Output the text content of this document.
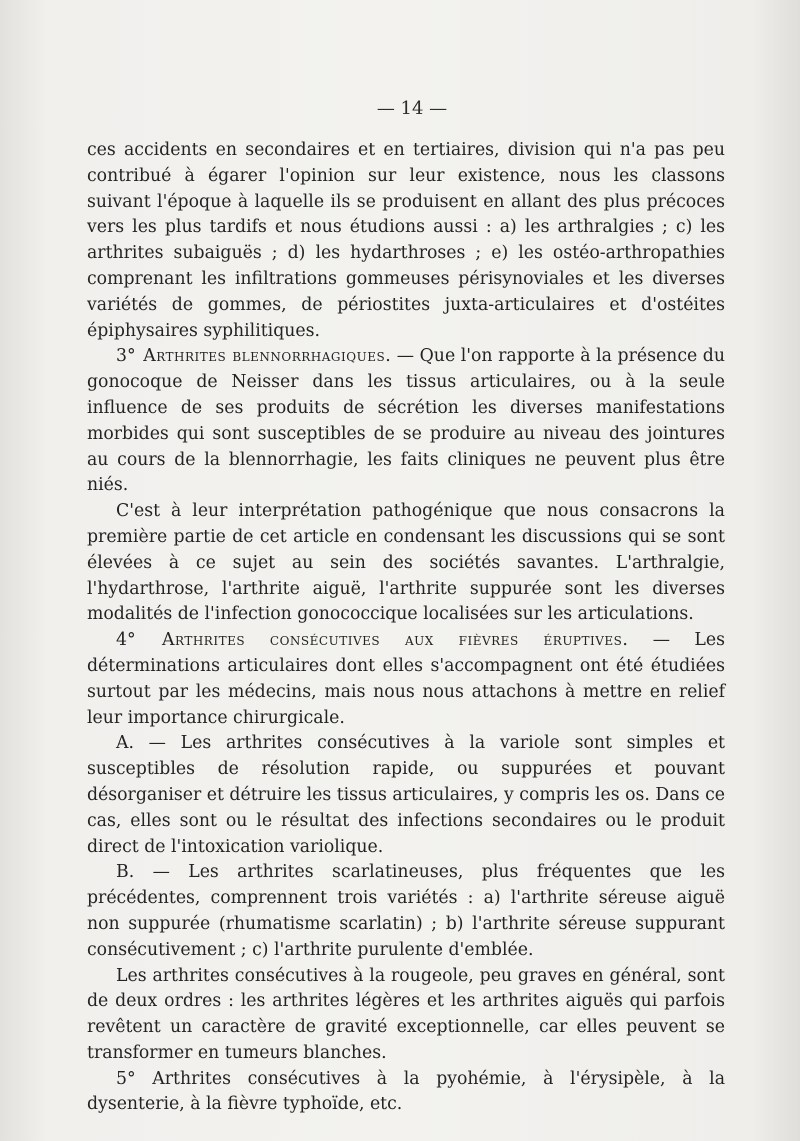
— 14 —

ces accidents en secondaires et en tertiaires, division qui n'a pas peu contribué à égarer l'opinion sur leur existence, nous les classons suivant l'époque à laquelle ils se produisent en allant des plus précoces vers les plus tardifs et nous étudions aussi : a) les arthralgies ; c) les arthrites subaiguës ; d) les hydarthroses ; e) les ostéo-arthropathies comprenant les infiltrations gommeuses périsynoviales et les diverses variétés de gommes, de périostites juxta-articulaires et d'ostéites épiphysaires syphilitiques.

3° Arthrites blennorrhagiques. — Que l'on rapporte à la présence du gonocoque de Neisser dans les tissus articulaires, ou à la seule influence de ses produits de sécrétion les diverses manifestations morbides qui sont susceptibles de se produire au niveau des jointures au cours de la blennorrhagie, les faits cliniques ne peuvent plus être niés.

C'est à leur interprétation pathogénique que nous consacrons la première partie de cet article en condensant les discussions qui se sont élevées à ce sujet au sein des sociétés savantes. L'arthralgie, l'hydarthrose, l'arthrite aiguë, l'arthrite suppurée sont les diverses modalités de l'infection gonococcique localisées sur les articulations.

4° Arthrites consécutives aux fièvres éruptives. — Les déterminations articulaires dont elles s'accompagnent ont été étudiées surtout par les médecins, mais nous nous attachons à mettre en relief leur importance chirurgicale.

A. — Les arthrites consécutives à la variole sont simples et susceptibles de résolution rapide, ou suppurées et pouvant désorganiser et détruire les tissus articulaires, y compris les os. Dans ce cas, elles sont ou le résultat des infections secondaires ou le produit direct de l'intoxication variolique.

B. — Les arthrites scarlatineuses, plus fréquentes que les précédentes, comprennent trois variétés : a) l'arthrite séreuse aiguë non suppurée (rhumatisme scarlatin) ; b) l'arthrite séreuse suppurant consécutivement ; c) l'arthrite purulente d'emblée.

Les arthrites consécutives à la rougeole, peu graves en général, sont de deux ordres : les arthrites légères et les arthrites aiguës qui parfois revêtent un caractère de gravité exceptionnelle, car elles peuvent se transformer en tumeurs blanches.

5° Arthrites consécutives à la pyohémie, à l'érysipèle, à la dysenterie, à la fièvre typhoïde, etc.
